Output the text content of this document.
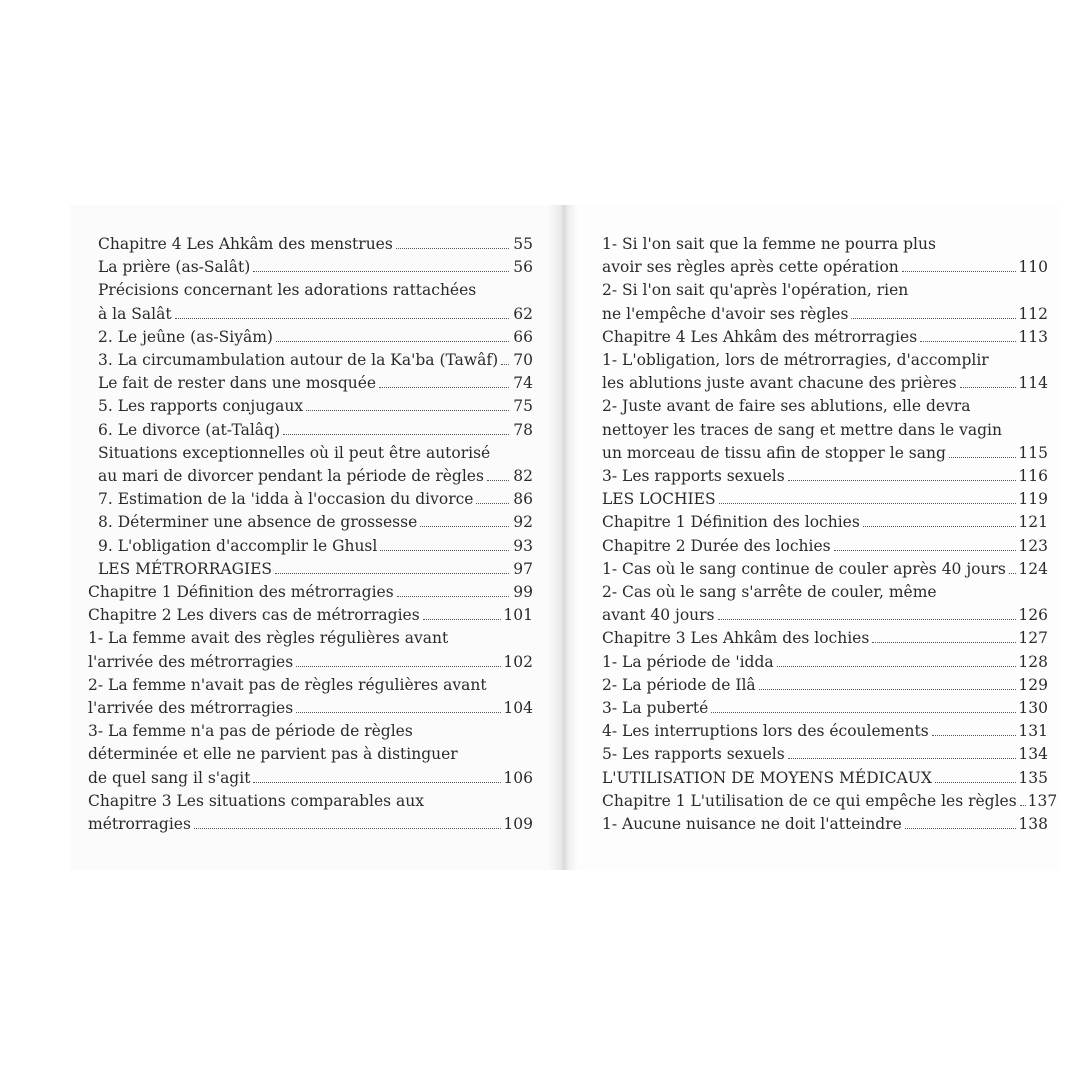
Chapitre 4 Les Ahkâm des menstrues	55
La prière (as-Salât)	56
Précisions concernant les adorations rattachées
à la Salât	62
2. Le jeûne (as-Siyâm)	66
3. La circumambulation autour de la Ka'ba (Tawâf) 70
Le fait de rester dans une mosquée	74
5. Les rapports conjugaux	75
6. Le divorce (at-Talâq)	78
Situations exceptionnelles où il peut être autorisé
au mari de divorcer pendant la période de règles 82
7. Estimation de la 'idda à l'occasion du divorce	86
8. Déterminer une absence de grossesse	92
9. L'obligation d'accomplir le Ghusl	93
LES MÉTRORRAGIES	97
Chapitre 1 Définition des métrorragies	99
Chapitre 2 Les divers cas de métrorragies	101
1- La femme avait des règles régulières avant
l'arrivée des métrorragies	102
2- La femme n'avait pas de règles régulières avant
l'arrivée des métrorragies	104
3- La femme n'a pas de période de règles
déterminée et elle ne parvient pas à distinguer
de quel sang il s'agit	106
Chapitre 3 Les situations comparables aux
métrorragies	109
1- Si l'on sait que la femme ne pourra plus
avoir ses règles après cette opération	110
2- Si l'on sait qu'après l'opération, rien
ne l'empêche d'avoir ses règles	112
Chapitre 4 Les Ahkâm des métrorragies	113
1- L'obligation, lors de métrorragies, d'accomplir
les ablutions juste avant chacune des prières	114
2- Juste avant de faire ses ablutions, elle devra
nettoyer les traces de sang et mettre dans le vagin
un morceau de tissu afin de stopper le sang	115
3- Les rapports sexuels	116
LES LOCHIES	119
Chapitre 1 Définition des lochies	121
Chapitre 2 Durée des lochies	123
1- Cas où le sang continue de couler après 40 jours 124
2- Cas où le sang s'arrête de couler, même
avant 40 jours	126
Chapitre 3 Les Ahkâm des lochies	127
1- La période de 'idda	128
2- La période de Ilâ	129
3- La puberté	130
4- Les interruptions lors des écoulements	131
5- Les rapports sexuels	134
L'UTILISATION DE MOYENS MÉDICAUX	135
Chapitre 1 L'utilisation de ce qui empêche les règles 137
1- Aucune nuisance ne doit l'atteindre	138
